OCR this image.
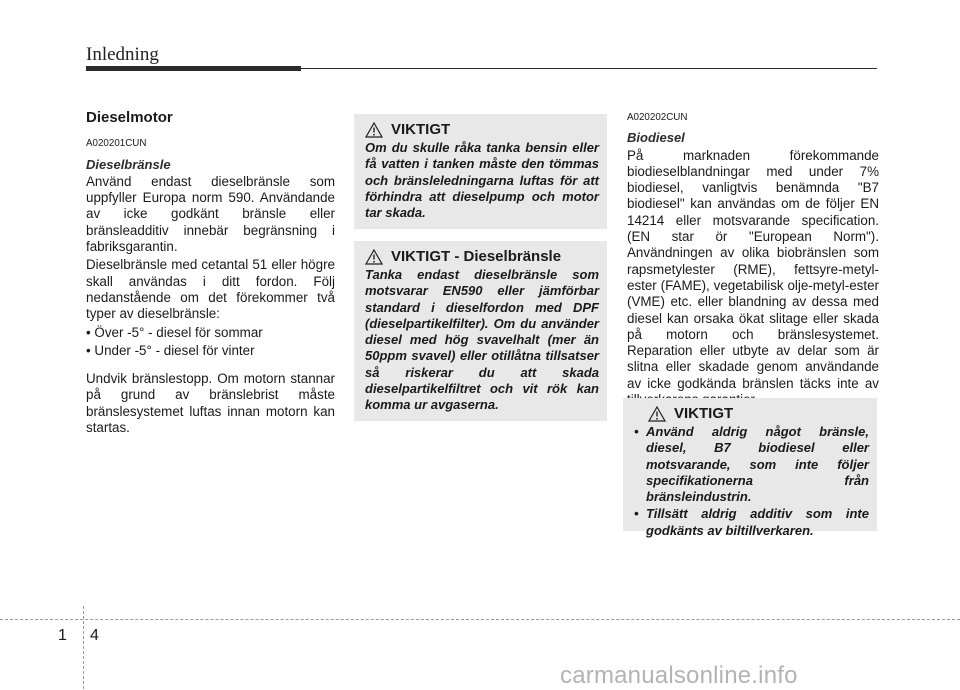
Inledning
Dieselmotor
A020201CUN
Dieselbränsle
Använd endast dieselbränsle som uppfyller Europa norm 590. Användande av icke godkänt bränsle eller bränsleadditiv innebär begränsning i fabriksgarantin.
Dieselbränsle med cetantal 51 eller högre skall användas i ditt fordon. Följ nedanstående om det förekommer två typer av dieselbränsle:
• Över -5° - diesel för sommar
• Under -5° - diesel för vinter
Undvik bränslestopp. Om motorn stannar på grund av bränslebrist måste bränslesystemet luftas innan motorn kan startas.
VIKTIGT
Om du skulle råka tanka bensin eller få vatten i tanken måste den tömmas och bränsleledningarna luftas för att förhindra att dieselpump och motor tar skada.
VIKTIGT - Dieselbränsle
Tanka endast dieselbränsle som motsvarar EN590 eller jämförbar standard i dieselfordon med DPF (dieselpartikelfilter). Om du använder diesel med hög svavelhalt (mer än 50ppm svavel) eller otillåtna tillsatser så riskerar du att skada dieselpartikelfiltret och vit rök kan komma ur avgaserna.
A020202CUN
Biodiesel
På marknaden förekommande biodieselblandningar med under 7% biodiesel, vanligtvis benämnda "B7 biodiesel" kan användas om de följer EN 14214 eller motsvarande specification. (EN star ör "European Norm"). Användningen av olika biobränslen som rapsmetylester (RME), fettsyre-metyl-ester (FAME), vegetabilisk olje-metyl-ester (VME) etc. eller blandning av dessa med diesel kan orsaka ökat slitage eller skada på motorn och bränslesystemet. Reparation eller utbyte av delar som är slitna eller skadade genom användande av icke godkända bränslen täcks inte av
VIKTIGT
• Använd aldrig något bränsle, diesel, B7 biodiesel eller motsvarande, som inte följer specifikationerna från bränsleindustrin.
• Tillsätt aldrig additiv som inte godkänts av biltillverkaren.
1 4
carmanualsonline.info
